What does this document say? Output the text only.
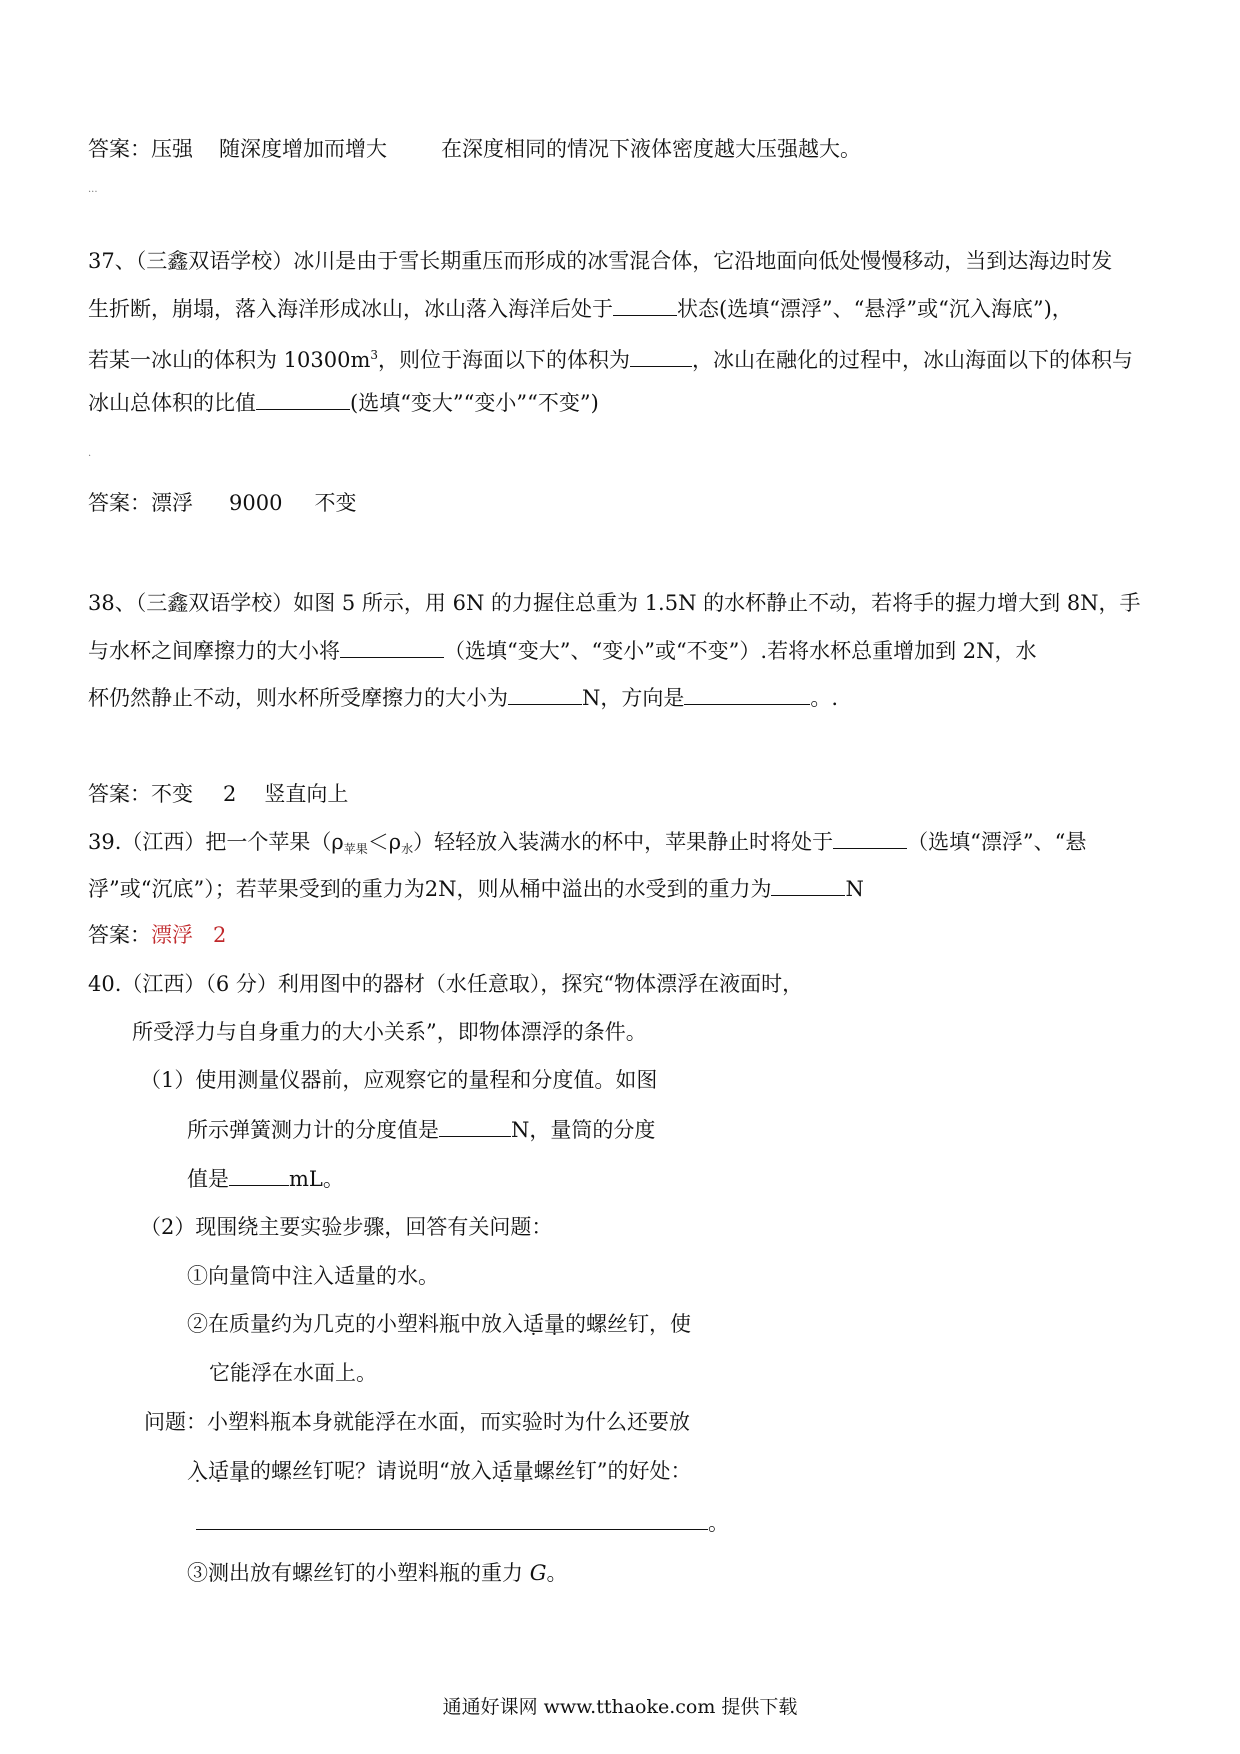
答案：压强 随深度增加而增大	在深度相同的情况下液体密度越大压强越大。
...
37、（三鑫双语学校）冰川是由于雪长期重压而形成的冰雪混合体，它沿地面向低处慢慢移动，当到达海边时发
生折断，崩塌，落入海洋形成冰山，冰山落入海洋后处于	状态(选填“漂浮”、“悬浮”或“沉入海底”)，
若某一冰山的体积为 $10300m^3$，则位于海面以下的体积为	，冰山在融化的过程中，冰山海面以下的体积与
冰山总体积的比值	(选填“变大”“变小”“不变”)
.
答案：漂浮 9000 不变
38、（三鑫双语学校）如图 5 所示，用 6N 的力握住总重为 1.5N 的水杯静止不动，若将手的握力增大到 8N，手
与水杯之间摩擦力的大小将	（选填“变大”、“变小”或“不变”）.若将水杯总重增加到 2N，水
杯仍然静止不动，则水杯所受摩擦力的大小为	N，方向是	。.
答案：不变 2 竖直向上
39.（江西）把一个苹果$(\rho_{苹果}<\rho_水)$轻轻放入装满水的杯中，苹果静止时将处于	（选填“漂浮”、“悬
浮”或“沉底”）；若苹果受到的重力为2N，则从桶中溢出的水受到的重力为	N
答案：漂浮 2
40.（江西）（6 分）利用图中的器材（水任意取），探究“物体漂浮在液面时，
所受浮力与自身重力的大小关系”，即物体漂浮的条件。
（1）使用测量仪器前，应观察它的量程和分度值。如图
所示弹簧测力计的分度值是	N，量筒的分度
值是	mL。
（2）现围绕主要实验步骤，回答有关问题：
①向量筒中注入适量的水。
②在质量约为几克的小塑料瓶中放入适量的螺丝钉，使
它能浮在水面上。
问题：小塑料瓶本身就能浮在水面，而实验时为什么还要放
入适量的螺丝钉呢？请说明“放入适量螺丝钉”的好处：
。
③测出放有螺丝钉的小塑料瓶的重力 G。
通通好课网 www.tthaoke.com 提供下载
